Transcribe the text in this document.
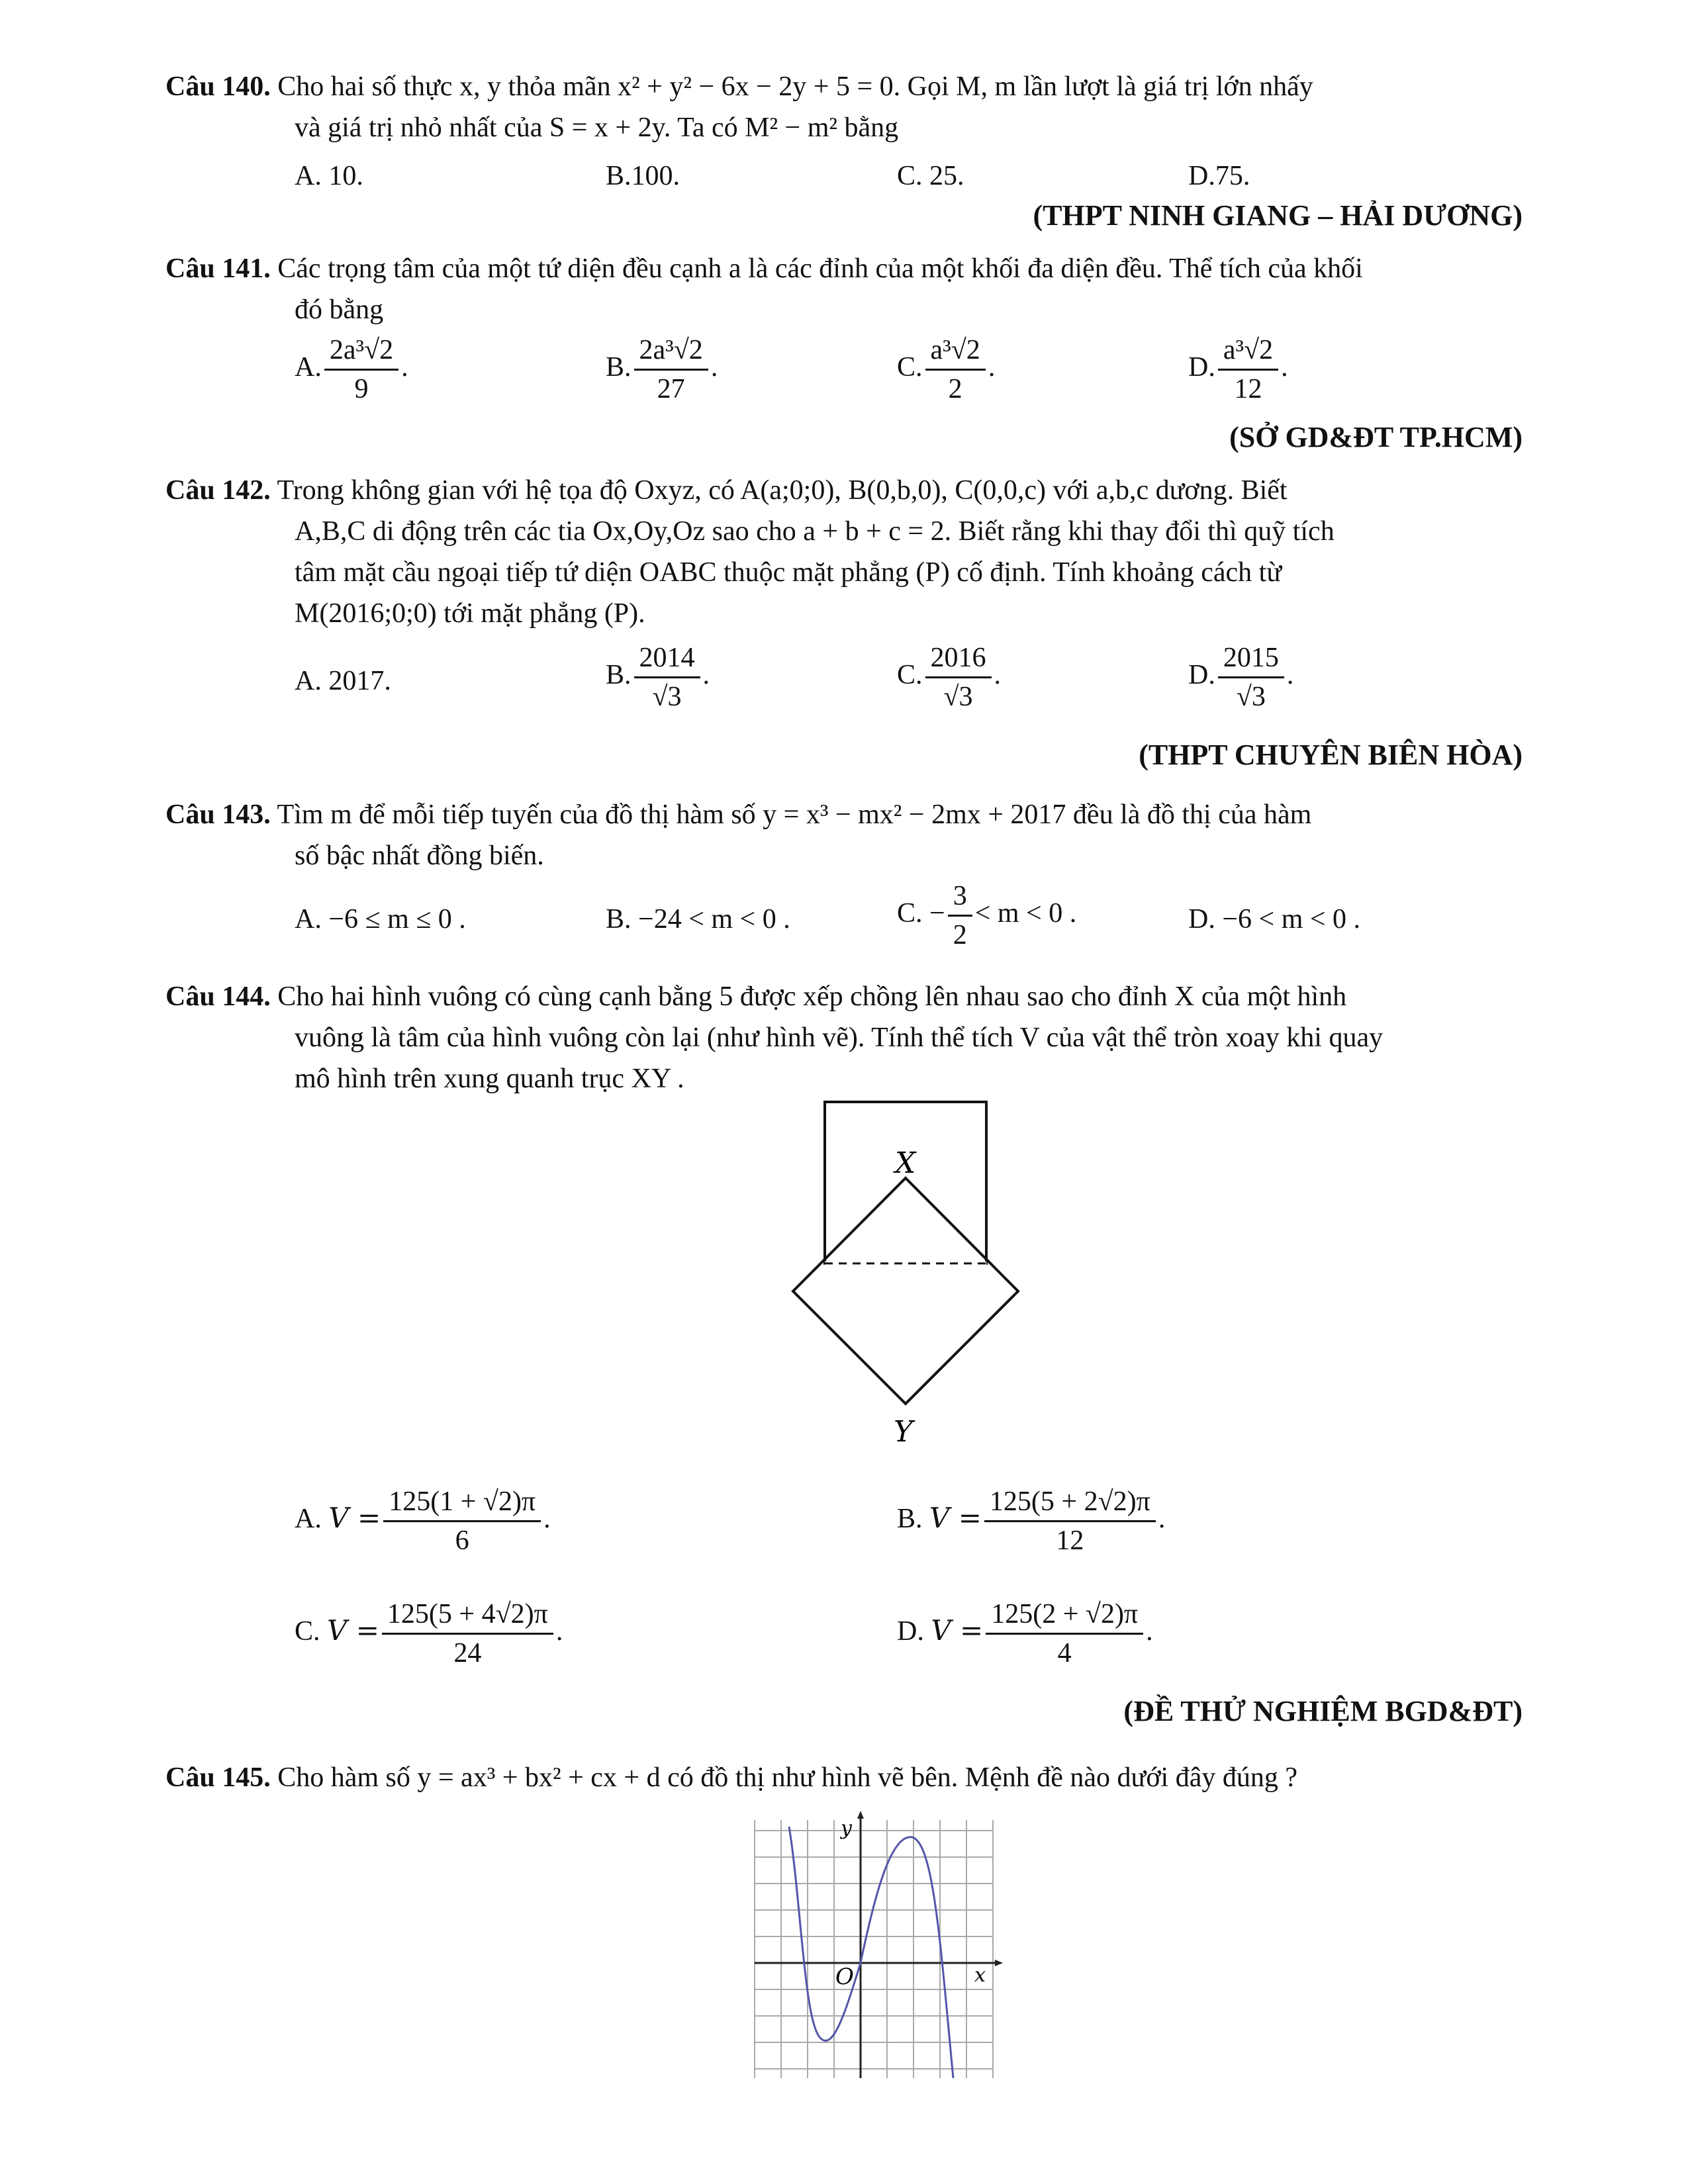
Câu 140. Cho hai số thực x, y thỏa mãn x² + y² − 6x − 2y + 5 = 0. Gọi M, m lần lượt là giá trị lớn nhấy
và giá trị nhỏ nhất của S = x + 2y. Ta có M² − m² bằng
A. 10.	B.100.	C. 25.	D.75.
(THPT NINH GIANG – HẢI DƯƠNG)
Câu 141. Các trọng tâm của một tứ diện đều cạnh a là các đỉnh của một khối đa diện đều. Thể tích của khối
đó bằng
A. $\frac{\text{2a³√2}}{9}$ .	B. $\frac{\text{2a³√2}}{27}$ .	C. $\frac{\text{a³√2}}{2}$ .	D. $\frac{\text{a³√2}}{12}$ .
(SỞ GD&ĐT TP.HCM)
Câu 142. Trong không gian với hệ tọa độ Oxyz, có A(a;0;0), B(0,b,0), C(0,0,c) với a,b,c dương. Biết
A,B,C di động trên các tia Ox,Oy,Oz sao cho a + b + c = 2. Biết rằng khi thay đổi thì quỹ tích
tâm mặt cầu ngoại tiếp tứ diện OABC thuộc mặt phẳng (P) cố định. Tính khoảng cách từ
M(2016;0;0) tới mặt phẳng (P).
A. 2017.	B. $\frac{2014}{√3}$ .	C. $\frac{2016}{√3}$ .	D. $\frac{2015}{√3}$ .
(THPT CHUYÊN BIÊN HÒA)
Câu 143. Tìm m để mỗi tiếp tuyến của đồ thị hàm số y = x³ − mx² − 2mx + 2017 đều là đồ thị của hàm
số bậc nhất đồng biến.
A. −6 ≤ m ≤ 0 .	B. −24 < m < 0 .	C. − $\frac{3}{2} < m < 0$ .	D. −6 < m < 0 .
Câu 144. Cho hai hình vuông có cùng cạnh bằng 5 được xếp chồng lên nhau sao cho đỉnh X của một hình
vuông là tâm của hình vuông còn lại (như hình vẽ). Tính thể tích V của vật thể tròn xoay khi quay
mô hình trên xung quanh trục XY .
X
Y
A. $V = \frac{125(1 + √2)\pi}{6}$ .	B. $V = \frac{125(5 + 2√2)\pi}{12}$ .
C. $V = \frac{125(5 + 4√2)\pi}{24}$ .	D. $V = \frac{125(2 + √2)\pi}{4}$ .
(ĐỀ THỬ NGHIỆM BGD&ĐT)
Câu 145. Cho hàm số y = ax³ + bx² + cx + d có đồ thị như hình vẽ bên. Mệnh đề nào dưới đây đúng ?
y
x
O
